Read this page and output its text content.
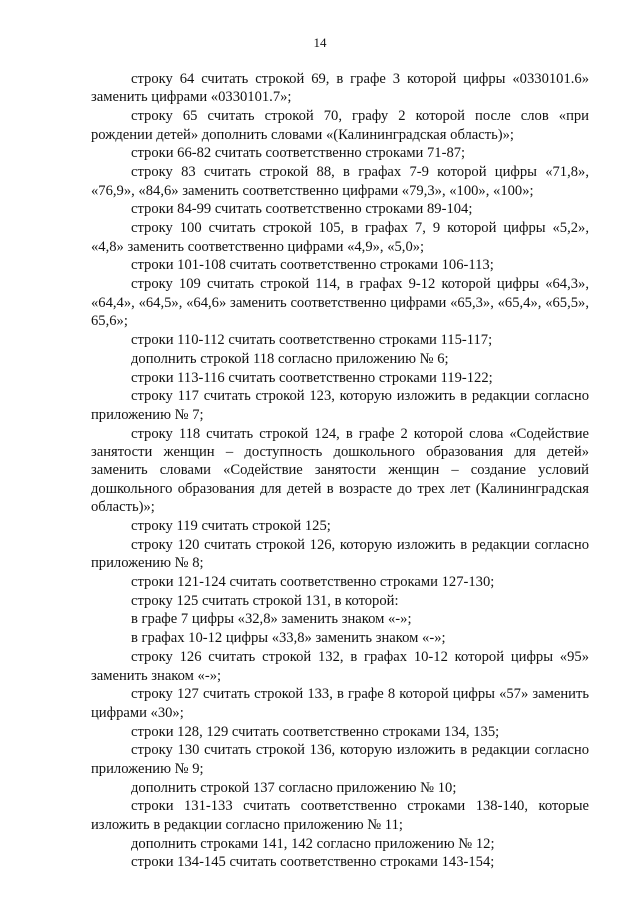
14

строку 64 считать строкой 69, в графе 3 которой цифры «0330101.6» заменить цифрами «0330101.7»;

строку 65 считать строкой 70, графу 2 которой после слов «при рождении детей» дополнить словами «(Калининградская область)»;

строки 66-82 считать соответственно строками 71-87;

строку 83 считать строкой 88, в графах 7-9 которой цифры «71,8», «76,9», «84,6» заменить соответственно цифрами «79,3», «100», «100»;

строки 84-99 считать соответственно строками 89-104;

строку 100 считать строкой 105, в графах 7, 9 которой цифры «5,2», «4,8» заменить соответственно цифрами «4,9», «5,0»;

строки 101-108 считать соответственно строками 106-113;

строку 109 считать строкой 114, в графах 9-12 которой цифры «64,3», «64,4», «64,5», «64,6» заменить соответственно цифрами «65,3», «65,4», «65,5», 65,6»;

строки 110-112 считать соответственно строками 115-117;

дополнить строкой 118 согласно приложению № 6;

строки 113-116 считать соответственно строками 119-122;

строку 117 считать строкой 123, которую изложить в редакции согласно приложению № 7;

строку 118 считать строкой 124, в графе 2 которой слова «Содействие занятости женщин – доступность дошкольного образования для детей» заменить словами «Содействие занятости женщин – создание условий дошкольного образования для детей в возрасте до трех лет (Калининградская область)»;

строку 119 считать строкой 125;

строку 120 считать строкой 126, которую изложить в редакции согласно приложению № 8;

строки 121-124 считать соответственно строками 127-130;

строку 125 считать строкой 131, в которой:

в графе 7 цифры «32,8» заменить знаком «-»;

в графах 10-12 цифры «33,8» заменить знаком «-»;

строку 126 считать строкой 132, в графах 10-12 которой цифры «95» заменить знаком «-»;

строку 127 считать строкой 133, в графе 8 которой цифры «57» заменить цифрами «30»;

строки 128, 129 считать соответственно строками 134, 135;

строку 130 считать строкой 136, которую изложить в редакции согласно приложению № 9;

дополнить строкой 137 согласно приложению № 10;

строки 131-133 считать соответственно строками 138-140, которые изложить в редакции согласно приложению № 11;

дополнить строками 141, 142 согласно приложению № 12;

строки 134-145 считать соответственно строками 143-154;
